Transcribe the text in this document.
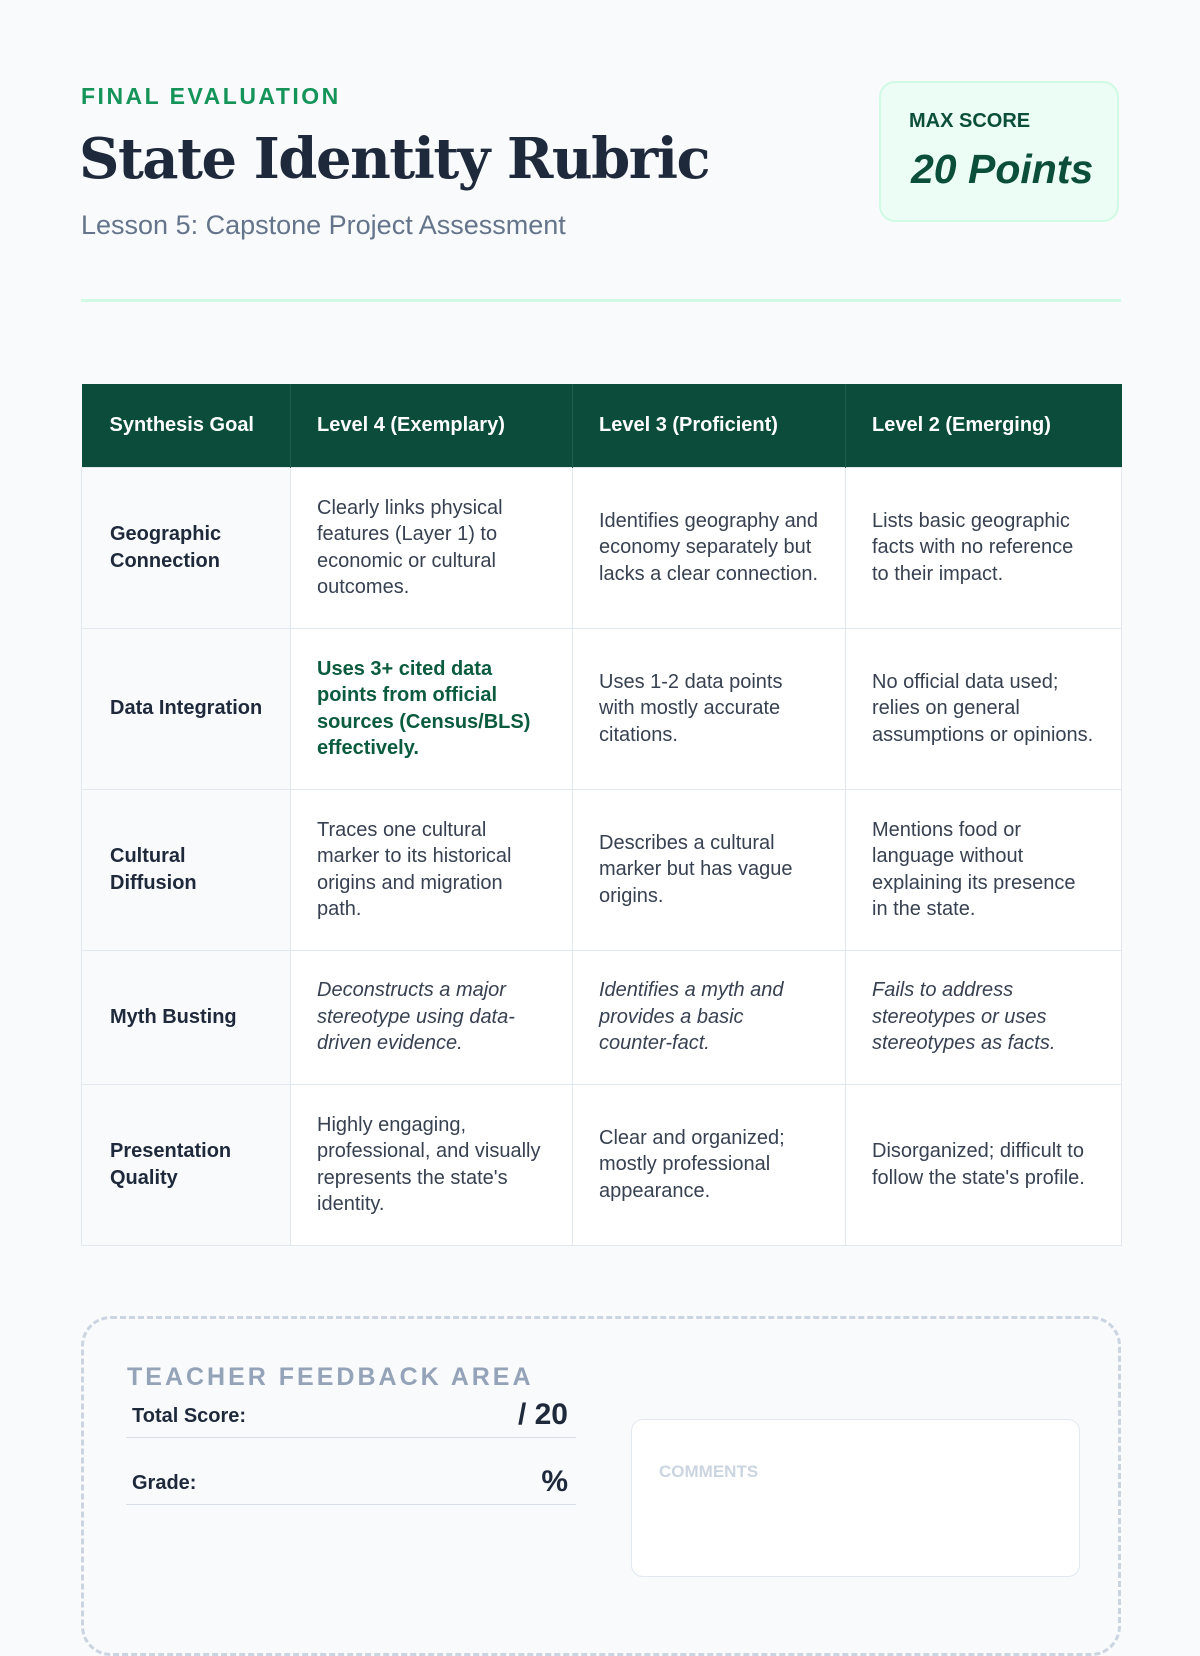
FINAL EVALUATION
State Identity Rubric
Lesson 5: Capstone Project Assessment
MAX SCORE
20 Points
Synthesis Goal	Level 4 (Exemplary)	Level 3 (Proficient)	Level 2 (Emerging)
Geographic Connection	Clearly links physical features (Layer 1) to economic or cultural outcomes.	Identifies geography and economy separately but lacks a clear connection.	Lists basic geographic facts with no reference to their impact.
Data Integration	Uses 3+ cited data points from official sources (Census/BLS) effectively.	Uses 1-2 data points with mostly accurate citations.	No official data used; relies on general assumptions or opinions.
Cultural Diffusion	Traces one cultural marker to its historical origins and migration path.	Describes a cultural marker but has vague origins.	Mentions food or language without explaining its presence in the state.
Myth Busting	Deconstructs a major stereotype using data-driven evidence.	Identifies a myth and provides a basic counter-fact.	Fails to address stereotypes or uses stereotypes as facts.
Presentation Quality	Highly engaging, professional, and visually represents the state's identity.	Clear and organized; mostly professional appearance.	Disorganized; difficult to follow the state's profile.
TEACHER FEEDBACK AREA
Total Score:	/ 20
Grade:	%	COMMENTS
